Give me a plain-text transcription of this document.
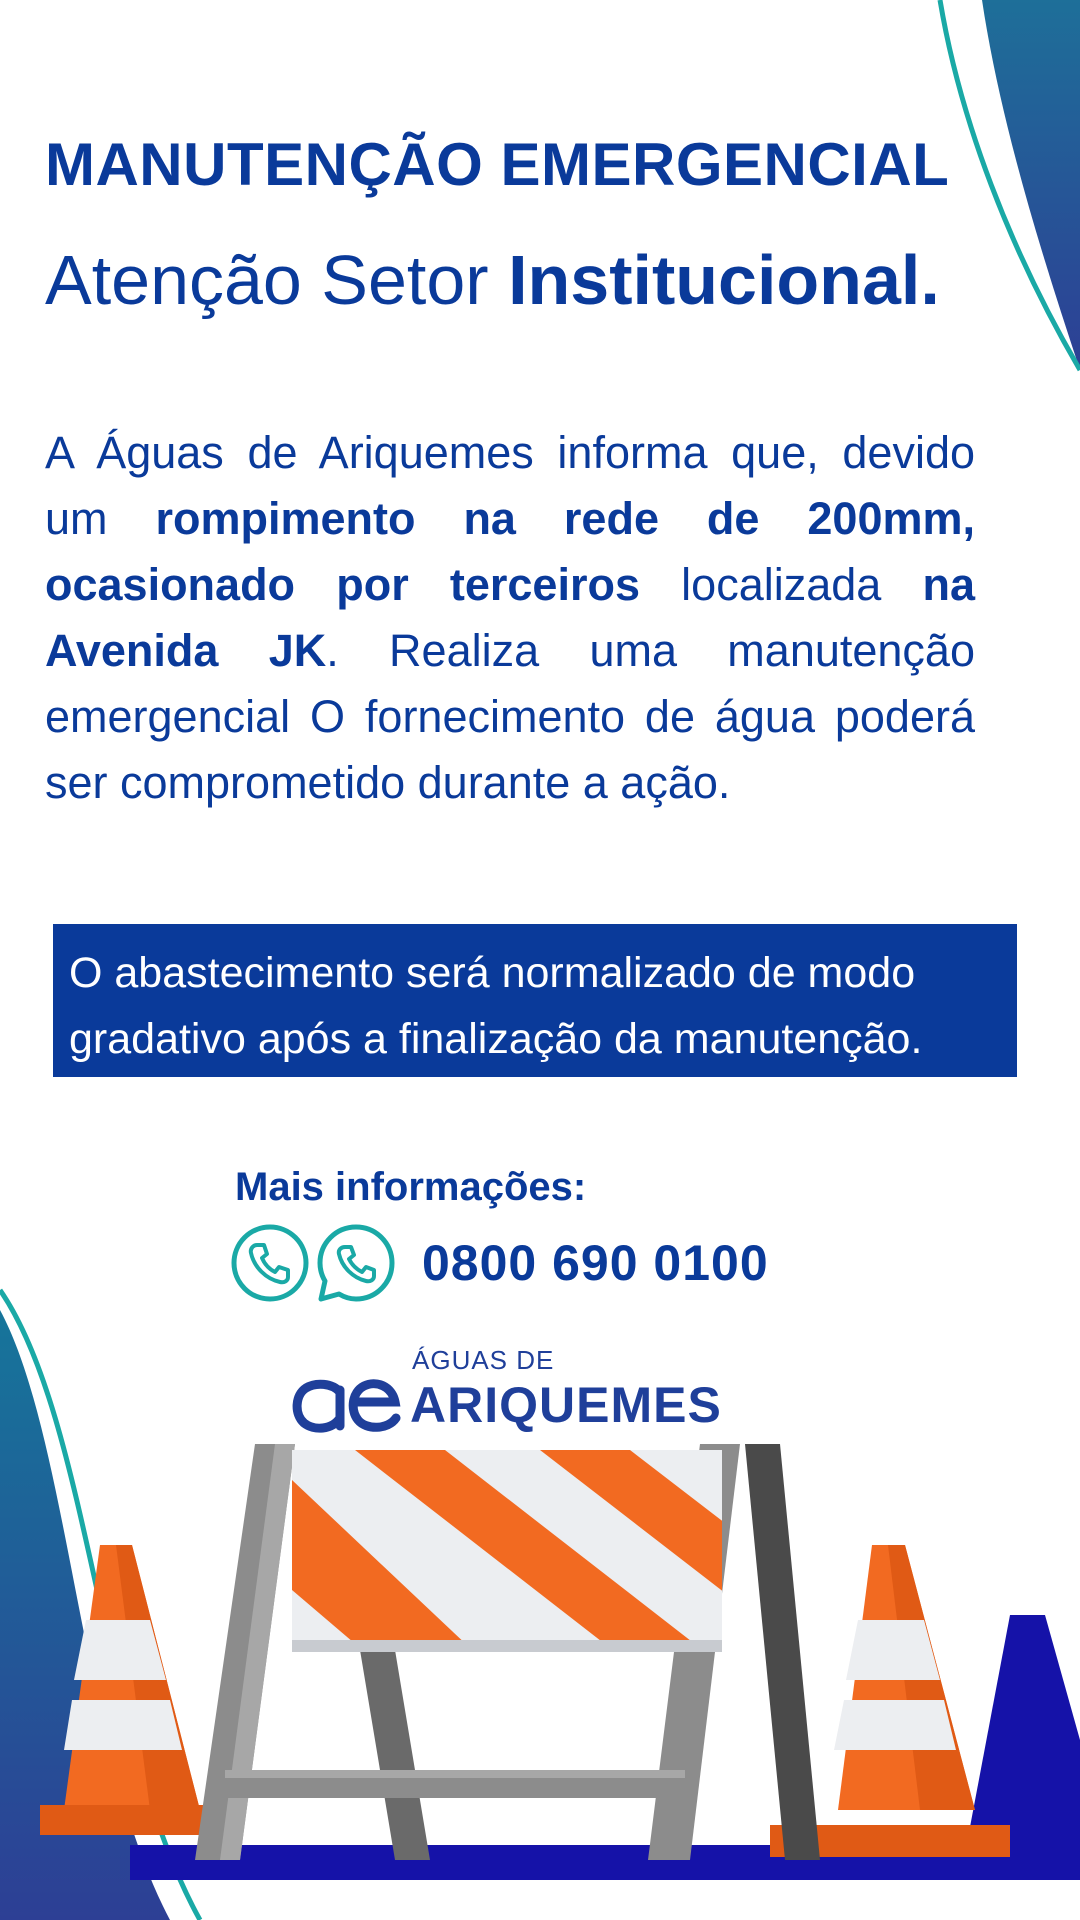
MANUTENÇÃO EMERGENCIAL
Atenção Setor Institucional.
A Águas de Ariquemes informa que, devido um rompimento na rede de 200mm, ocasionado por terceiros localizada na Avenida JK. Realiza uma manutenção emergencial O fornecimento de água poderá ser comprometido durante a ação.
O abastecimento será normalizado de modo gradativo após a finalização da manutenção.
Mais informações:
0800 690 0100
ÁGUAS DE
ARIQUEMES
